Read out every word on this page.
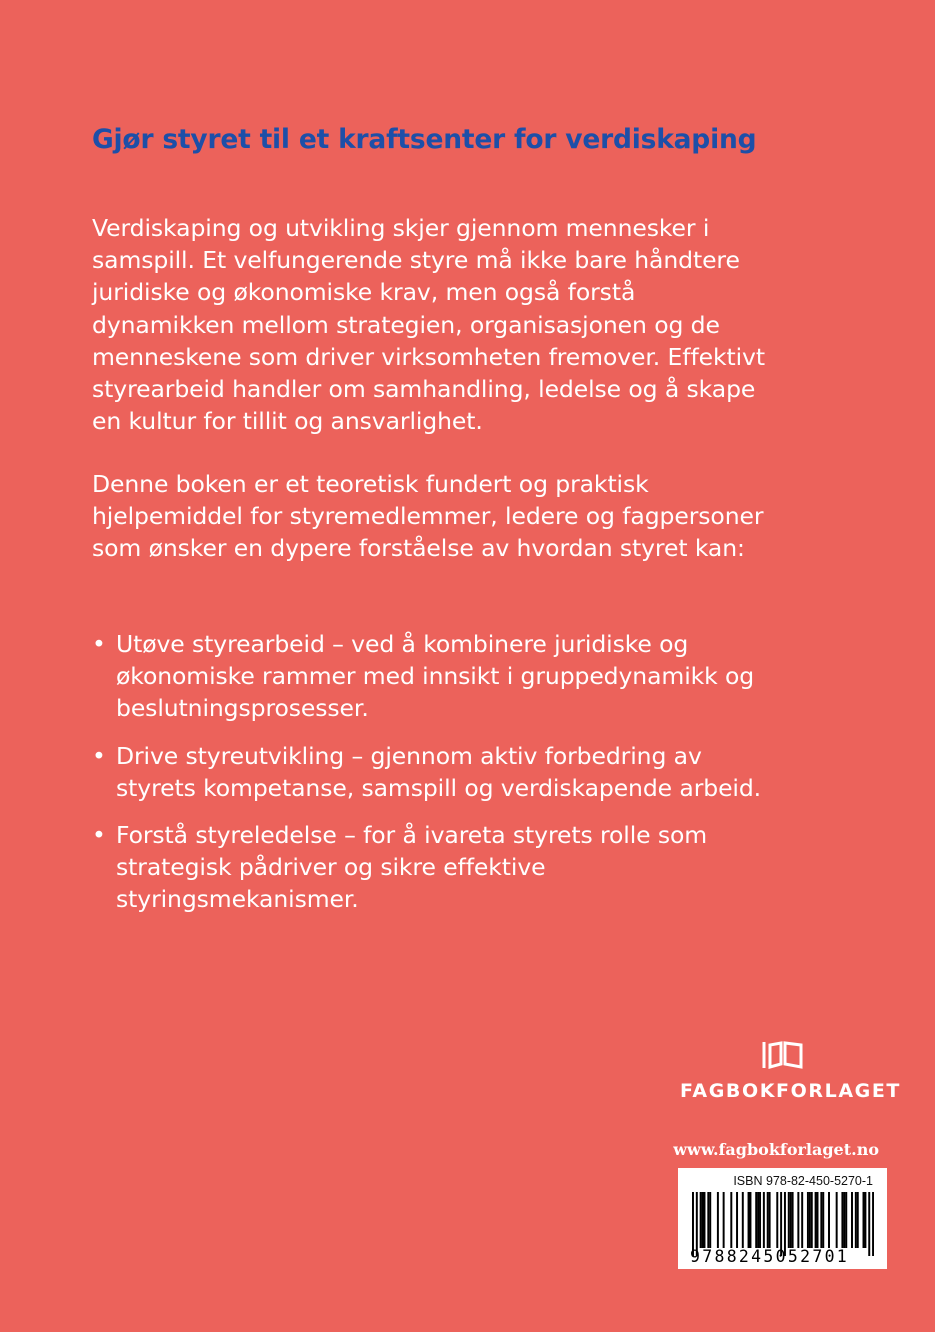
Gjør styret til et kraftsenter for verdiskaping

Verdiskaping og utvikling skjer gjennom mennesker i samspill. Et velfungerende styre må ikke bare håndtere juridiske og økonomiske krav, men også forstå dynamikken mellom strategien, organisasjonen og de menneskene som driver virksomheten fremover. Effektivt styrearbeid handler om samhandling, ledelse og å skape en kultur for tillit og ansvarlighet.

Denne boken er et teoretisk fundert og praktisk hjelpemiddel for styremedlemmer, ledere og fagpersoner som ønsker en dypere forståelse av hvordan styret kan:

• Utøve styrearbeid – ved å kombinere juridiske og økonomiske rammer med innsikt i gruppedynamikk og beslutningsprosesser.
• Drive styreutvikling – gjennom aktiv forbedring av styrets kompetanse, samspill og verdiskapende arbeid.
• Forstå styreledelse – for å ivareta styrets rolle som strategisk pådriver og sikre effektive styringsmekanismer.
FAGBOKFORLAGET
www.fagbokforlaget.no
ISBN 978-82-450-5270-1
9788245052701
